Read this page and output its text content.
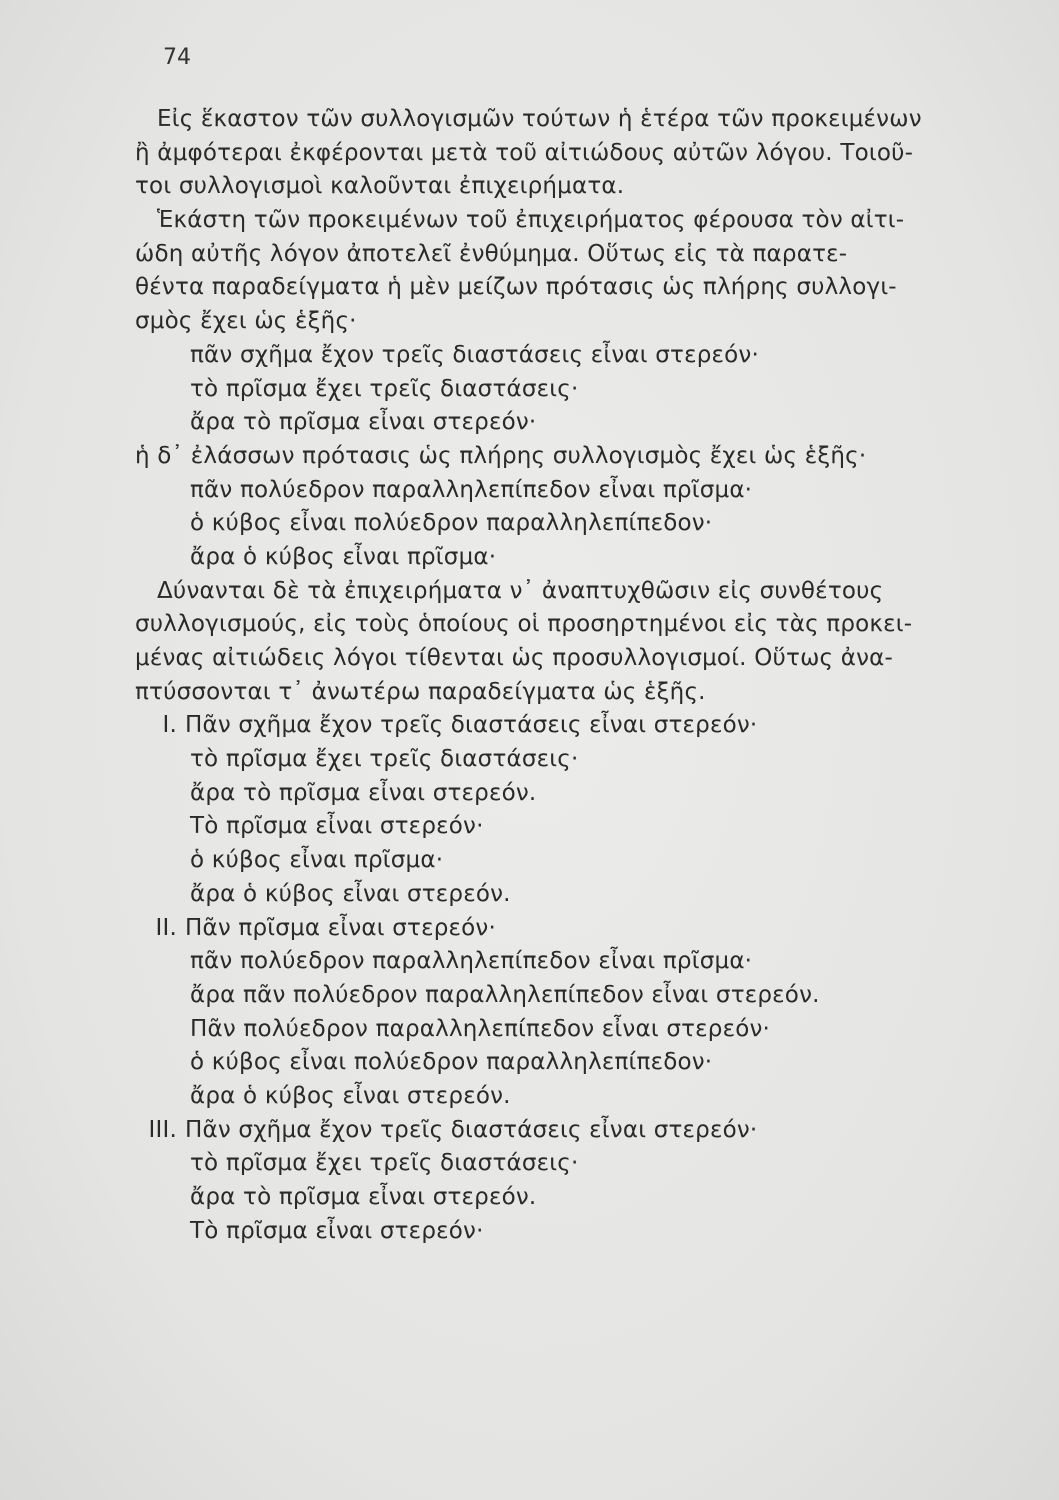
74
Εἰς ἕκαστον τῶν συλλογισμῶν τούτων ἡ ἑτέρα τῶν προκειμένων
ἢ ἀμφότεραι ἐκφέρονται μετὰ τοῦ αἰτιώδους αὐτῶν λόγου. Τοιοῦ-
τοι συλλογισμοὶ καλοῦνται ἐπιχειρήματα.
Ἑκάστη τῶν προκειμένων τοῦ ἐπιχειρήματος φέρουσα τὸν αἰτι-
ώδη αὐτῆς λόγον ἀποτελεῖ ἐνθύμημα. Οὕτως εἰς τὰ παρατε-
θέντα παραδείγματα ἡ μὲν μείζων πρότασις ὡς πλήρης συλλογι-
σμὸς ἔχει ὡς ἑξῆς·
πᾶν σχῆμα ἔχον τρεῖς διαστάσεις εἶναι στερεόν·
τὸ πρῖσμα ἔχει τρεῖς διαστάσεις·
ἄρα τὸ πρῖσμα εἶναι στερεόν·
ἡ δ᾽ ἐλάσσων πρότασις ὡς πλήρης συλλογισμὸς ἔχει ὡς ἑξῆς·
πᾶν πολύεδρον παραλληλεπίπεδον εἶναι πρῖσμα·
ὁ κύβος εἶναι πολύεδρον παραλληλεπίπεδον·
ἄρα ὁ κύβος εἶναι πρῖσμα·
Δύνανται δὲ τὰ ἐπιχειρήματα ν᾽ ἀναπτυχθῶσιν εἰς συνθέτους
συλλογισμούς, εἰς τοὺς ὁποίους οἱ προσηρτημένοι εἰς τὰς προκει-
μένας αἰτιώδεις λόγοι τίθενται ὡς προσυλλογισμοί. Οὕτως ἀνα-
πτύσσονται τ᾽ ἀνωτέρω παραδείγματα ὡς ἑξῆς.
I. Πᾶν σχῆμα ἔχον τρεῖς διαστάσεις εἶναι στερεόν·
τὸ πρῖσμα ἔχει τρεῖς διαστάσεις·
ἄρα τὸ πρῖσμα εἶναι στερεόν.
Τὸ πρῖσμα εἶναι στερεόν·
ὁ κύβος εἶναι πρῖσμα·
ἄρα ὁ κύβος εἶναι στερεόν.
II. Πᾶν πρῖσμα εἶναι στερεόν·
πᾶν πολύεδρον παραλληλεπίπεδον εἶναι πρῖσμα·
ἄρα πᾶν πολύεδρον παραλληλεπίπεδον εἶναι στερεόν.
Πᾶν πολύεδρον παραλληλεπίπεδον εἶναι στερεόν·
ὁ κύβος εἶναι πολύεδρον παραλληλεπίπεδον·
ἄρα ὁ κύβος εἶναι στερεόν.
III. Πᾶν σχῆμα ἔχον τρεῖς διαστάσεις εἶναι στερεόν·
τὸ πρῖσμα ἔχει τρεῖς διαστάσεις·
ἄρα τὸ πρῖσμα εἶναι στερεόν.
Τὸ πρῖσμα εἶναι στερεόν·
